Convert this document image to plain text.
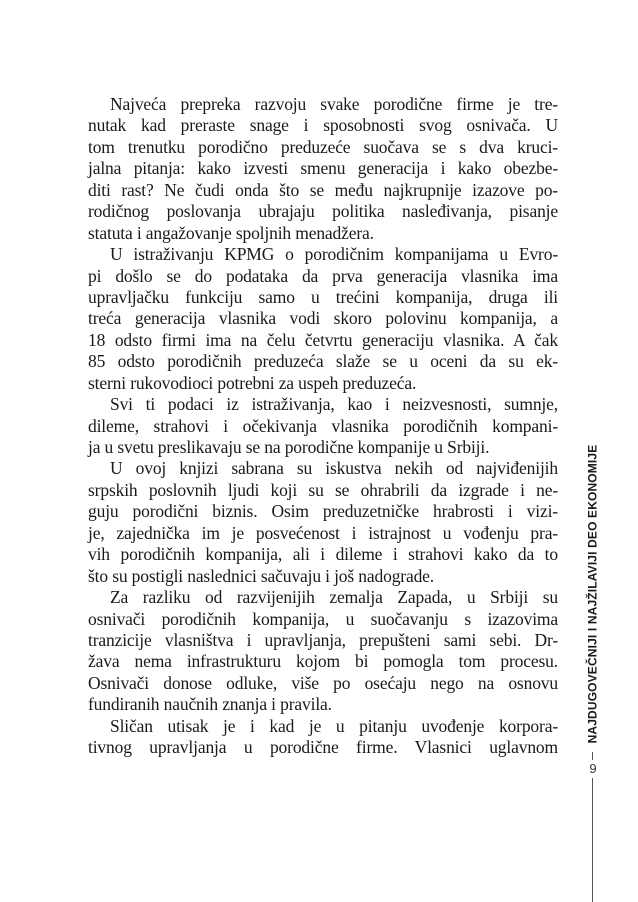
Najveća prepreka razvoju svake porodične firme je tre-
nutak kad preraste snage i sposobnosti svog osnivača. U
tom trenutku porodično preduzeće suočava se s dva kruci-
jalna pitanja: kako izvesti smenu generacija i kako obezbe-
diti rast? Ne čudi onda što se među najkrupnije izazove po-
rodičnog poslovanja ubrajaju politika nasleđivanja, pisanje
statuta i angažovanje spoljnih menadžera.
U istraživanju KPMG o porodičnim kompanijama u Evro-
pi došlo se do podataka da prva generacija vlasnika ima
upravljačku funkciju samo u trećini kompanija, druga ili
treća generacija vlasnika vodi skoro polovinu kompanija, a
18 odsto firmi ima na čelu četvrtu generaciju vlasnika. A čak
85 odsto porodičnih preduzeća slaže se u oceni da su ek-
sterni rukovodioci potrebni za uspeh preduzeća.
Svi ti podaci iz istraživanja, kao i neizvesnosti, sumnje,
dileme, strahovi i očekivanja vlasnika porodičnih kompani-
ja u svetu preslikavaju se na porodične kompanije u Srbiji.
U ovoj knjizi sabrana su iskustva nekih od najviđenijih
srpskih poslovnih ljudi koji su se ohrabrili da izgrade i ne-
guju porodični biznis. Osim preduzetničke hrabrosti i vizi-
je, zajednička im je posvećenost i istrajnost u vođenju pra-
vih porodičnih kompanija, ali i dileme i strahovi kako da to
što su postigli naslednici sačuvaju i još nadograde.
Za razliku od razvijenijih zemalja Zapada, u Srbiji su
osnivači porodičnih kompanija, u suočavanju s izazovima
tranzicije vlasništva i upravljanja, prepušteni sami sebi. Dr-
žava nema infrastrukturu kojom bi pomogla tom procesu.
Osnivači donose odluke, više po osećaju nego na osnovu
fundiranih naučnih znanja i pravila.
Sličan utisak je i kad je u pitanju uvođenje korpora-
tivnog upravljanja u porodične firme. Vlasnici uglavnom
NAJDUGOVEČNIJI I NAJŽILAVIJI DEO EKONOMIJE
9
